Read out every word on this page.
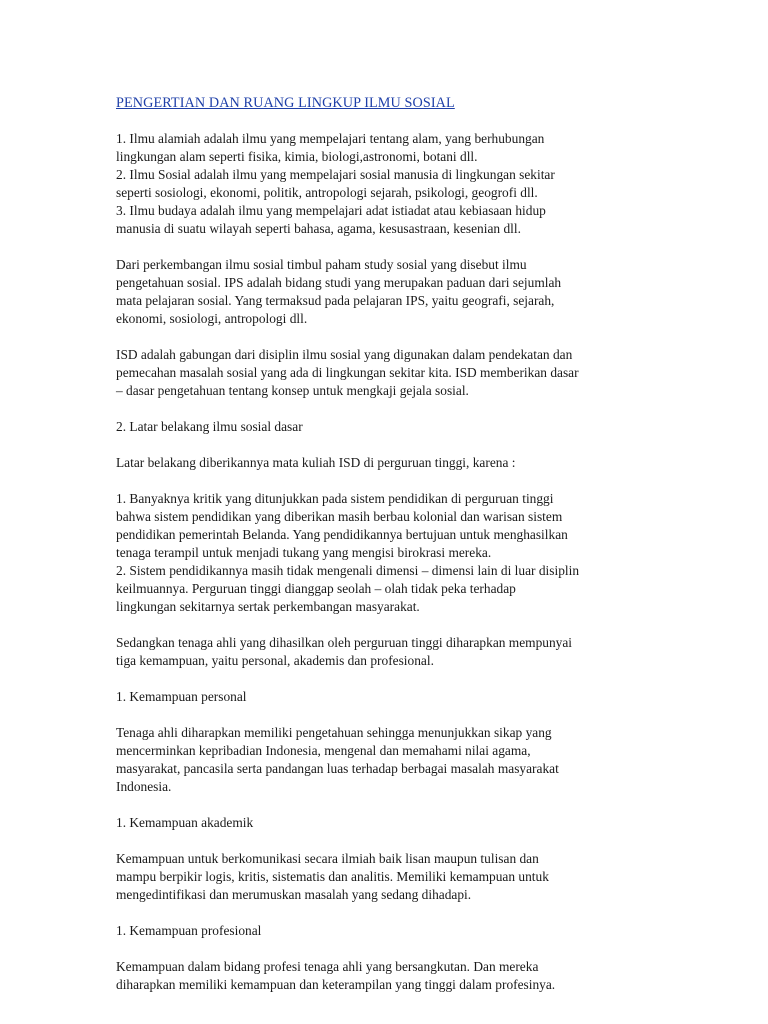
PENGERTIAN DAN RUANG LINGKUP ILMU SOSIAL
1. Ilmu alamiah adalah ilmu yang mempelajari tentang alam, yang berhubungan
lingkungan alam seperti fisika, kimia, biologi,astronomi, botani dll.
2. Ilmu Sosial adalah ilmu yang mempelajari sosial manusia di lingkungan sekitar
seperti sosiologi, ekonomi, politik, antropologi sejarah, psikologi, geogrofi dll.
3. Ilmu budaya adalah ilmu yang mempelajari adat istiadat atau kebiasaan hidup
manusia di suatu wilayah seperti bahasa, agama, kesusastraan, kesenian dll.
Dari perkembangan ilmu sosial timbul paham study sosial yang disebut ilmu
pengetahuan sosial. IPS adalah bidang studi yang merupakan paduan dari sejumlah
mata pelajaran sosial. Yang termaksud pada pelajaran IPS, yaitu geografi, sejarah,
ekonomi, sosiologi, antropologi dll.
ISD adalah gabungan dari disiplin ilmu sosial yang digunakan dalam pendekatan dan
pemecahan masalah sosial yang ada di lingkungan sekitar kita. ISD memberikan dasar
– dasar pengetahuan tentang konsep untuk mengkaji gejala sosial.
2. Latar belakang ilmu sosial dasar
Latar belakang diberikannya mata kuliah ISD di perguruan tinggi, karena :
1. Banyaknya kritik yang ditunjukkan pada sistem pendidikan di perguruan tinggi
bahwa sistem pendidikan yang diberikan masih berbau kolonial dan warisan sistem
pendidikan pemerintah Belanda. Yang pendidikannya bertujuan untuk menghasilkan
tenaga terampil untuk menjadi tukang yang mengisi birokrasi mereka.
2. Sistem pendidikannya masih tidak mengenali dimensi – dimensi lain di luar disiplin
keilmuannya. Perguruan tinggi dianggap seolah – olah tidak peka terhadap
lingkungan sekitarnya sertak perkembangan masyarakat.
Sedangkan tenaga ahli yang dihasilkan oleh perguruan tinggi diharapkan mempunyai
tiga kemampuan, yaitu personal, akademis dan profesional.
1. Kemampuan personal
Tenaga ahli diharapkan memiliki pengetahuan sehingga menunjukkan sikap yang
mencerminkan kepribadian Indonesia, mengenal dan memahami nilai agama,
masyarakat, pancasila serta pandangan luas terhadap berbagai masalah masyarakat
Indonesia.
1. Kemampuan akademik
Kemampuan untuk berkomunikasi secara ilmiah baik lisan maupun tulisan dan
mampu berpikir logis, kritis, sistematis dan analitis. Memiliki kemampuan untuk
mengedintifikasi dan merumuskan masalah yang sedang dihadapi.
1. Kemampuan profesional
Kemampuan dalam bidang profesi tenaga ahli yang bersangkutan. Dan mereka
diharapkan memiliki kemampuan dan keterampilan yang tinggi dalam profesinya.
